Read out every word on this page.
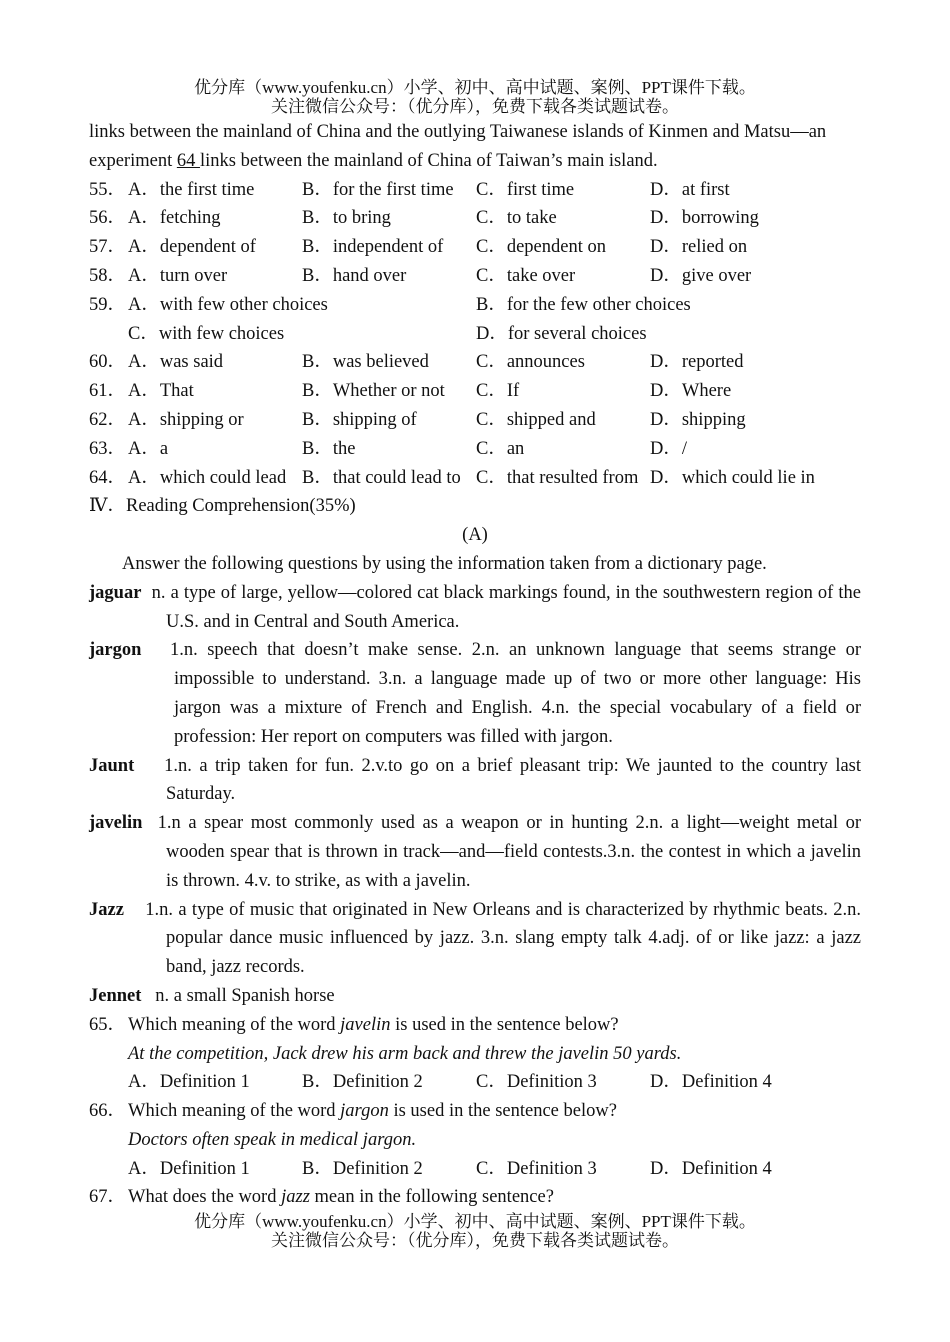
优分库（www.youfenku.cn）小学、初中、高中试题、案例、PPT课件下载。
关注微信公众号：（优分库），免费下载各类试题试卷。
links between the mainland of China and the outlying Taiwanese islands of Kinmen and Matsu—an
experiment 64 links between the mainland of China of Taiwan’s main island.
55． A．the first time	B．for the first time	C．first time	D．at first
56． A．fetching	B．to bring	C．to take	D．borrowing
57． A．dependent of	B．independent of	C．dependent on	D．relied on
58． A．turn over	B．hand over	C．take over	D．give over
59． A．with few other choices	B．for the few other choices
C．with few choices	D．for several choices
60． A．was said	B．was believed	C．announces	D．reported
61． A．That	B．Whether or not	C．If	D．Where
62． A．shipping or	B．shipping of	C．shipped and	D．shipping
63． A．a	B．the	C．an	D．/
64． A．which could lead B．that could lead to C．that resulted from D．which could lie in
Ⅳ．Reading Comprehension(35%)
(A)
Answer the following questions by using the information taken from a dictionary page.
jaguar n. a type of large, yellow—colored cat black markings found, in the southwestern region of the U.S. and in Central and South America.
jargon 1.n. speech that doesn’t make sense. 2.n. an unknown language that seems strange or impossible to understand. 3.n. a language made up of two or more other language: His jargon was a mixture of French and English. 4.n. the special vocabulary of a field or profession: Her report on computers was filled with jargon.
Jaunt 1.n. a trip taken for fun. 2.v.to go on a brief pleasant trip: We jaunted to the country last Saturday.
javelin 1.n a spear most commonly used as a weapon or in hunting 2.n. a light—weight metal or wooden spear that is thrown in track—and—field contests.3.n. the contest in which a javelin is thrown. 4.v. to strike, as with a javelin.
Jazz 1.n. a type of music that originated in New Orleans and is characterized by rhythmic beats. 2.n. popular dance music influenced by jazz. 3.n. slang empty talk 4.adj. of or like jazz: a jazz band, jazz records.
Jennet n. a small Spanish horse
65． Which meaning of the word javelin is used in the sentence below?
At the competition, Jack drew his arm back and threw the javelin 50 yards.
A．Definition 1	B．Definition 2	C．Definition 3	D．Definition 4
66． Which meaning of the word jargon is used in the sentence below?
Doctors often speak in medical jargon.
A．Definition 1	B．Definition 2	C．Definition 3	D．Definition 4
67． What does the word jazz mean in the following sentence?
优分库（www.youfenku.cn）小学、初中、高中试题、案例、PPT课件下载。
关注微信公众号：（优分库），免费下载各类试题试卷。
